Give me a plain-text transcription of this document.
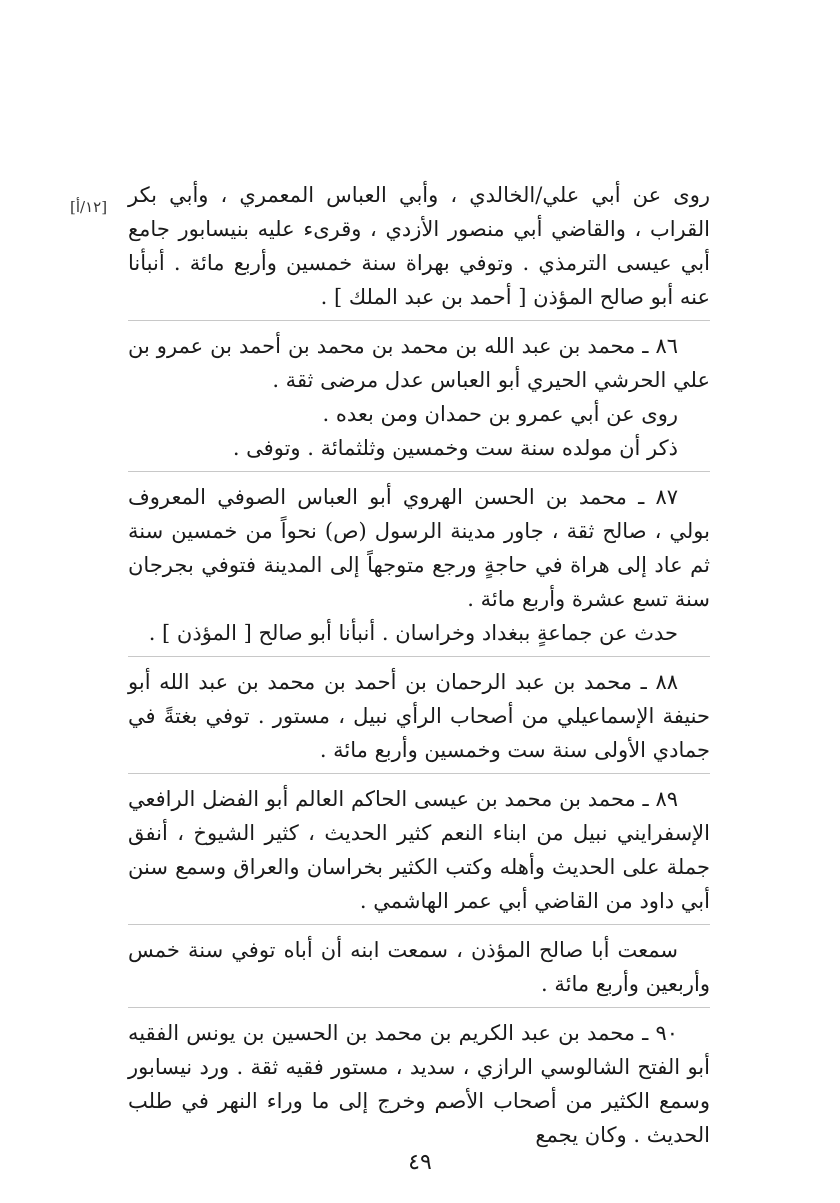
[١٢/أ] روى عن أبي علي/الخالدي ، وأبي العباس المعمري ، وأبي بكر القراب ، والقاضي أبي منصور الأزدي ، وقرىء عليه بنيسابور جامع أبي عيسى الترمذي . وتوفي بهراة سنة خمسين وأربع مائة . أنبأنا عنه أبو صالح المؤذن [ أحمد بن عبد الملك ] .

٨٦ ـ محمد بن عبد الله بن محمد بن محمد بن أحمد بن عمرو بن علي الحرشي الحيري أبو العباس عدل مرضى ثقة .

روى عن أبي عمرو بن حمدان ومن بعده .

ذكر أن مولده سنة ست وخمسين وثلثمائة . وتوفى .

٨٧ ـ محمد بن الحسن الهروي أبو العباس الصوفي المعروف بولي ، صالح ثقة ، جاور مدينة الرسول (ص) نحواً من خمسين سنة ثم عاد إلى هراة في حاجةٍ ورجع متوجهاً إلى المدينة فتوفي بجرجان سنة تسع عشرة وأربع مائة .

حدث عن جماعةٍ ببغداد وخراسان . أنبأنا أبو صالح [ المؤذن ] .

٨٨ ـ محمد بن عبد الرحمان بن أحمد بن محمد بن عبد الله أبو حنيفة الإسماعيلي من أصحاب الرأي نبيل ، مستور . توفي بغتةً في جمادي الأولى سنة ست وخمسين وأربع مائة .

٨٩ ـ محمد بن محمد بن عيسى الحاكم العالم أبو الفضل الرافعي الإسفرايني نبيل من ابناء النعم كثير الحديث ، كثير الشيوخ ، أنفق جملة على الحديث وأهله وكتب الكثير بخراسان والعراق وسمع سنن أبي داود من القاضي أبي عمر الهاشمي .

سمعت أبا صالح المؤذن ، سمعت ابنه أن أباه توفي سنة خمس وأربعين وأربع مائة .

٩٠ ـ محمد بن عبد الكريم بن محمد بن الحسين بن يونس الفقيه أبو الفتح الشالوسي الرازي ، سديد ، مستور فقيه ثقة . ورد نيسابور وسمع الكثير من أصحاب الأصم وخرج إلى ما وراء النهر في طلب الحديث . وكان يجمع

٤٩
